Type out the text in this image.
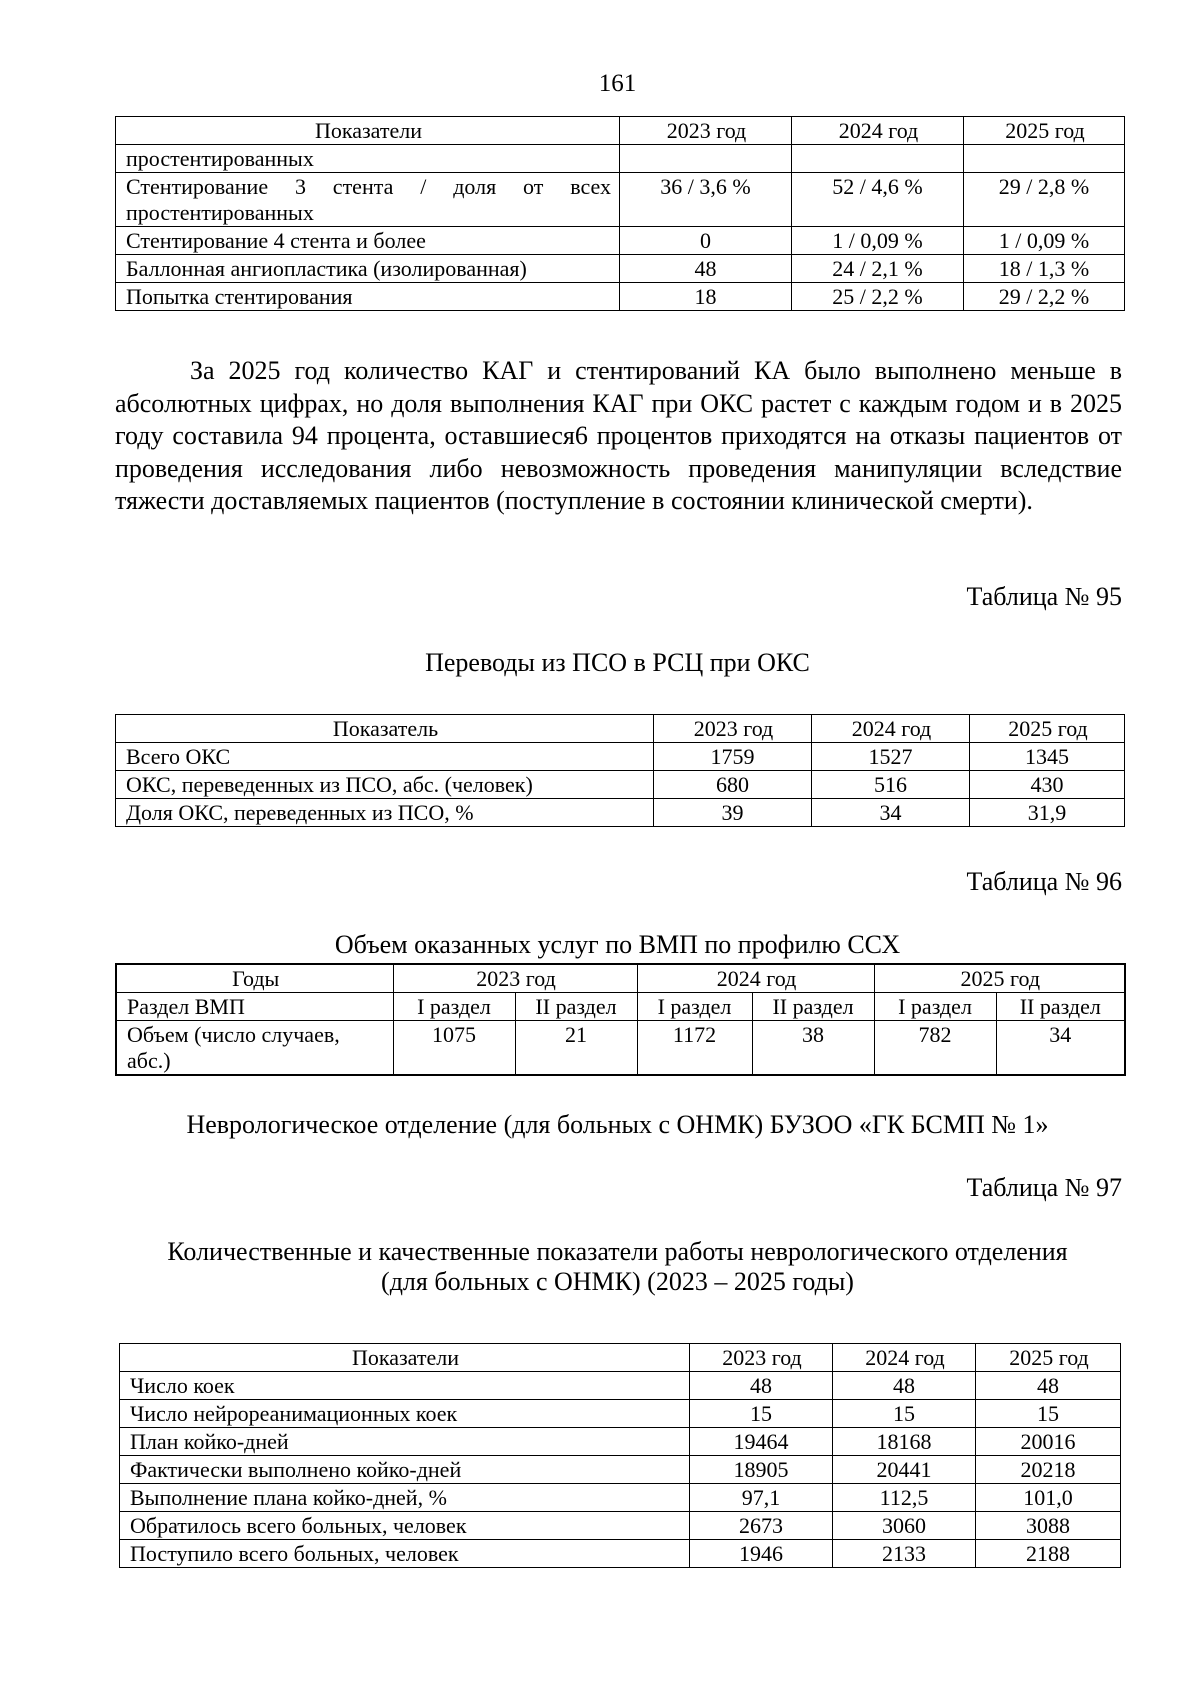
161
Показатели	2023 год	2024 год	2025 год
простентированных			

Стентирование 3 стента / доля от всех
простентированных	36 / 3,6 %	52 / 4,6 %	29 / 2,8 %
Стентирование 4 стента и более	0	1 / 0,09 %	1 / 0,09 %
Баллонная ангиопластика (изолированная)	48	24 / 2,1 %	18 / 1,3 %
Попытка стентирования	18	25 / 2,2 %	29 / 2,2 %

За 2025 год количество КАГ и стентирований КА было выполнено меньше в абсолютных цифрах, но доля выполнения КАГ при ОКС растет с каждым годом и в 2025 году составила 94 процента, оставшиеся6 процентов приходятся на отказы пациентов от проведения исследования либо невозможность проведения манипуляции вследствие тяжести доставляемых пациентов (поступление в состоянии клинической смерти).

Таблица № 95
Переводы из ПСО в РСЦ при ОКС
Показатель	2023 год	2024 год	2025 год
Всего ОКС	1759	1527	1345
ОКС, переведенных из ПСО, абс. (человек)	680	516	430
Доля ОКС, переведенных из ПСО, %	39	34	31,9
Таблица № 96
Объем оказанных услуг по ВМП по профилю ССХ
Годы	2023 год		2024 год		2025 год	
Раздел ВМП	I раздел	II раздел	I раздел	II раздел	I раздел	II раздел

Объем (число случаев,
абс.)	1075	21	1172	38	782	34
Неврологическое отделение (для больных с ОНМК) БУЗОО «ГК БСМП № 1»
Таблица № 97
Количественные и качественные показатели работы неврологического отделения
(для больных с ОНМК) (2023 – 2025 годы)
Показатели	2023 год	2024 год	2025 год
Число коек	48	48	48
Число нейрореанимационных коек	15	15	15
План койко-дней	19464	18168	20016
Фактически выполнено койко-дней	18905	20441	20218
Выполнение плана койко-дней, %	97,1	112,5	101,0
Обратилось всего больных, человек	2673	3060	3088
Поступило всего больных, человек	1946	2133	2188
